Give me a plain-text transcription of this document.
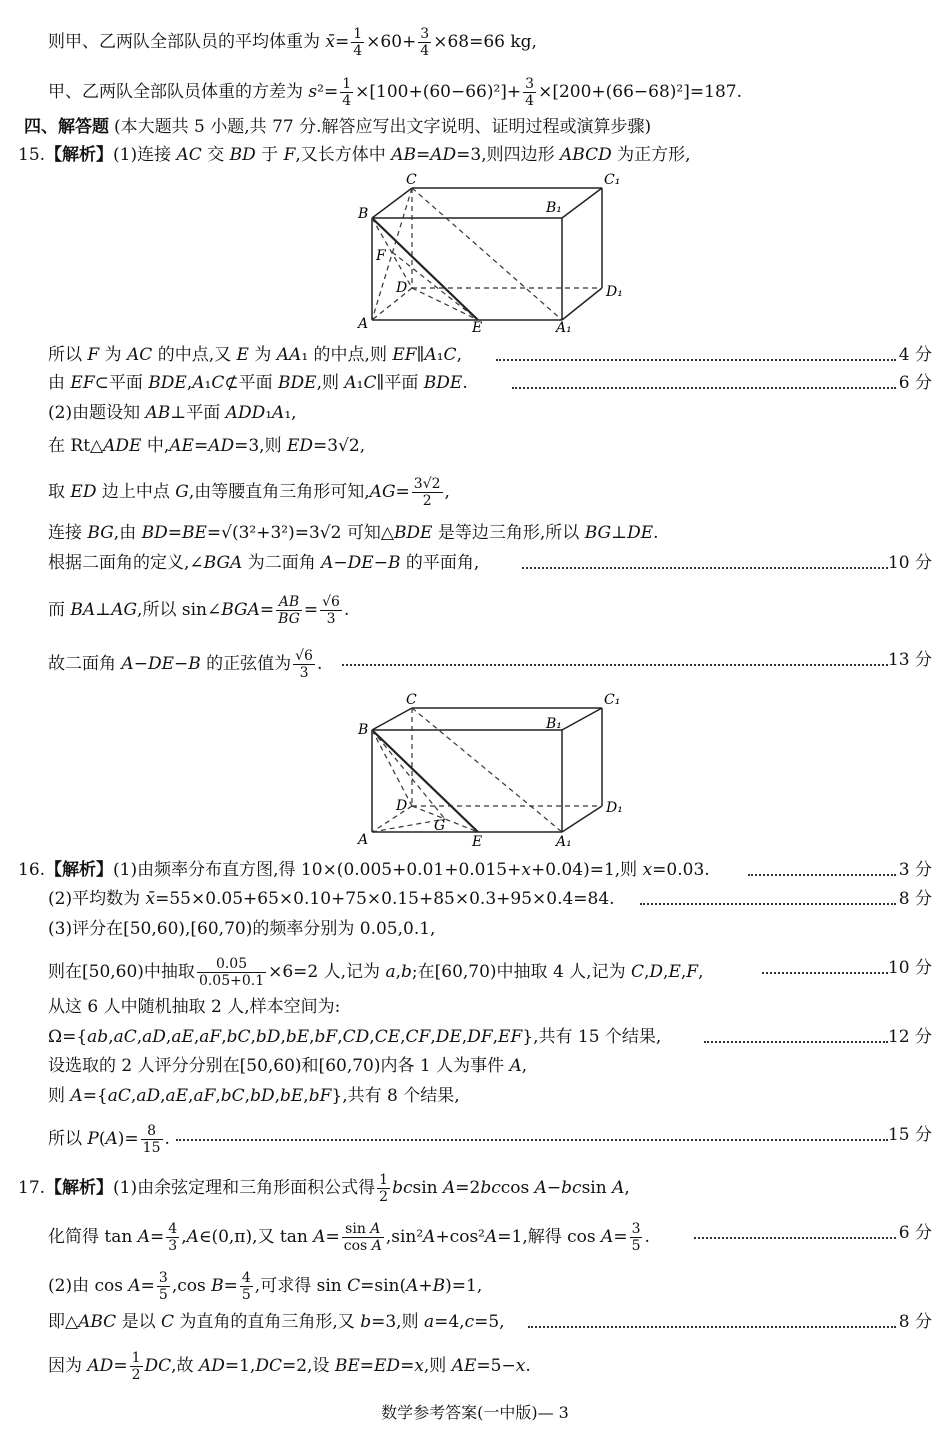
则甲、乙两队全部队员的平均体重为 x̄= $\frac{1}{4} \times 60+ \frac{3}{4} \times 68=66$ kg,
甲、乙两队全部队员体重的方差为 $s^2= \frac{1}{4} \times[100+(60-66)^2]+ \frac{3}{4} \times[200+(66-68)^2]=187$.
四、解答题 (本大题共 5 小题,共 77 分.解答应写出文字说明、证明过程或演算步骤)
15.【解析】(1)连接 AC 交 BD 于 F,又长方体中 AB=AD=3,则四边形 ABCD 为正方形,
C	C₁
B	B₁
F
D	D₁
A	E	A₁
所以 F 为 AC 的中点,又 E 为 AA₁ 的中点,则 EF∥A₁C,	4 分
由 EF⊂平面 BDE,A₁C⊄平面 BDE,则 A₁C∥平面 BDE.	6 分
(2)由题设知 AB⊥平面 ADD₁A₁,
在 Rt△ADE 中,AE=AD=3,则 ED=3√2,
取 ED 边上中点 G,由等腰直角三角形可知$,AG= \frac{3√2}{2}$ ,
连接 BG,由 BD=BE=√(3²+3²)=3√2 可知△BDE 是等边三角形,所以 BG⊥DE.
根据二面角的定义,∠BGA 为二面角 A−DE−B 的平面角,	10 分
而 BA⊥AG,所以 sin∠BGA= $\frac{AB}{BG} = \frac{√6}{3}$ .
故二面角 A−DE−B 的正弦值为 $\frac{√6}{3}$ .	13 分
C	C₁
B	B₁
D
G
D₁
A	E	A₁
16.【解析】(1)由频率分布直方图,得 10×(0.005+0.01+0.015+x+0.04)=1,则 x=0.03.	3 分
(2)平均数为 x̄=55×0.05+65×0.10+75×0.15+85×0.3+95×0.4=84.	8 分
(3)评分在[50,60),[60,70)的频率分别为 0.05,0.1,
则在[50,60)中抽取 $\frac{0.05}{0.05+0.1} \times 6=2$ 人,记为 a,b;在[60,70)中抽取 4 人,记为 C,D,E,F,	10 分
从这 6 人中随机抽取 2 人,样本空间为:
Ω={ab,aC,aD,aE,aF,bC,bD,bE,bF,CD,CE,CF,DE,DF,EF},共有 15 个结果,	12 分
设选取的 2 人评分分别在[50,60)和[60,70)内各 1 人为事件 A,
则 A={aC,aD,aE,aF,bC,bD,bE,bF},共有 8 个结果,
所以 $P(A)= \frac{8}{15}$ .	15 分
17.【解析】(1)由余弦定理和三角形面积公式得 $\frac{1}{2}$ bcsin A=2bccos A−bcsin A,
化简得 $\tan A= \frac{4}{3}$ ,A∈(0,π),又 $\tan A= \frac{\text{sin A}}{\text{cos A}} ,\sin^2A+\cos^2A=1$,解得 $\cos A= \frac{3}{5}$ .	6 分
(2)由 $\cos A= \frac{3}{5} ,\cos$ $B= \frac{4}{5}$ ,可求得 sin C=sin(A+B)=1,
即△ABC 是以 C 为直角的直角三角形,又 b=3,则 a=4,c=5,	8 分
因为 $AD= \frac{1}{2}$ DC,故 AD=1,DC=2,设 BE=ED=x,则 AE=5−x.
数学参考答案(一中版)— 3
